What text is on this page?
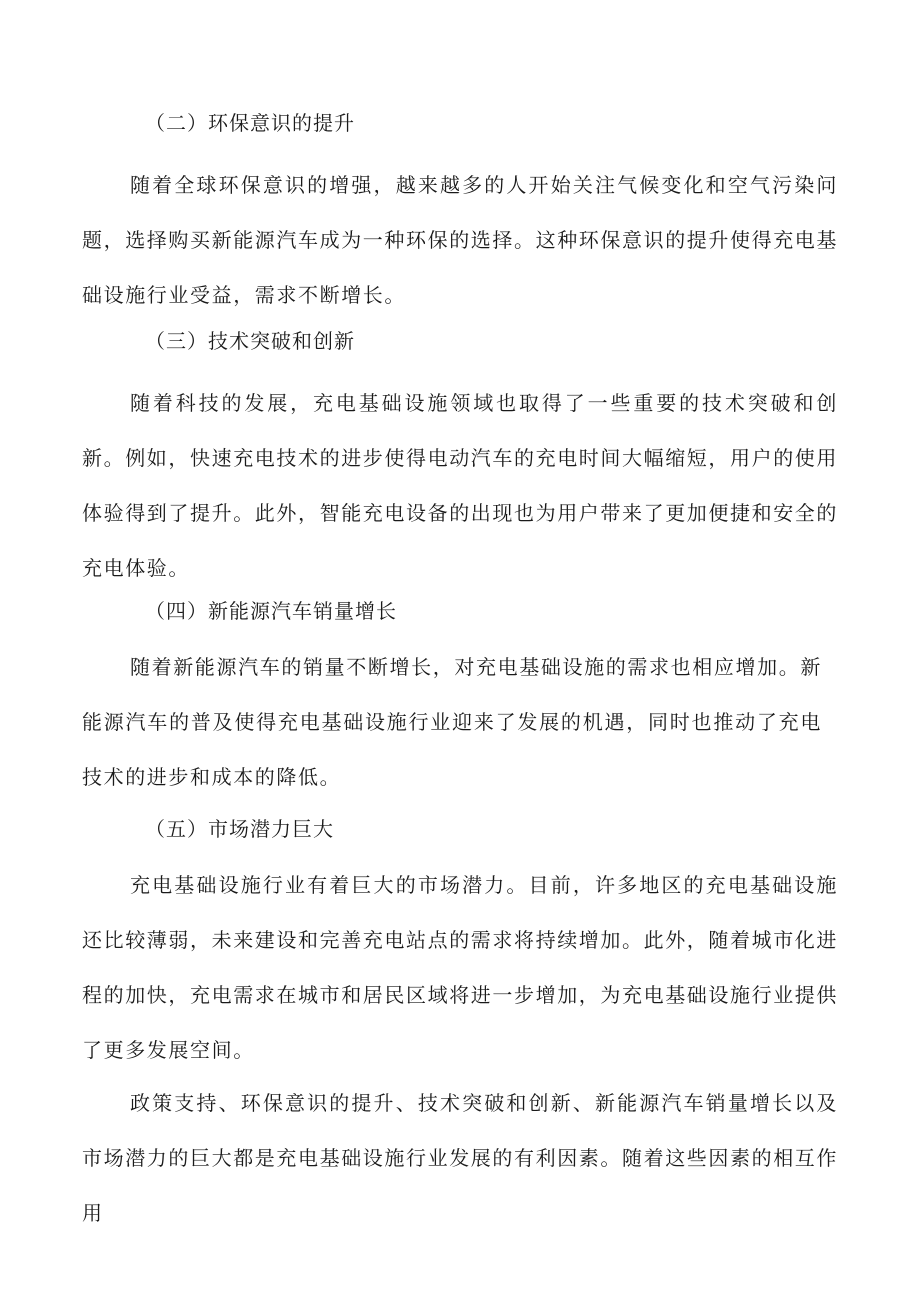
（二）环保意识的提升

随着全球环保意识的增强，越来越多的人开始关注气候变化和空气污染问题，选择购买新能源汽车成为一种环保的选择。这种环保意识的提升使得充电基础设施行业受益，需求不断增长。

（三）技术突破和创新

随着科技的发展，充电基础设施领域也取得了一些重要的技术突破和创新。例如，快速充电技术的进步使得电动汽车的充电时间大幅缩短，用户的使用体验得到了提升。此外，智能充电设备的出现也为用户带来了更加便捷和安全的充电体验。

（四）新能源汽车销量增长

随着新能源汽车的销量不断增长，对充电基础设施的需求也相应增加。新能源汽车的普及使得充电基础设施行业迎来了发展的机遇，同时也推动了充电技术的进步和成本的降低。

（五）市场潜力巨大

充电基础设施行业有着巨大的市场潜力。目前，许多地区的充电基础设施还比较薄弱，未来建设和完善充电站点的需求将持续增加。此外，随着城市化进程的加快，充电需求在城市和居民区域将进一步增加，为充电基础设施行业提供了更多发展空间。

政策支持、环保意识的提升、技术突破和创新、新能源汽车销量增长以及市场潜力的巨大都是充电基础设施行业发展的有利因素。随着这些因素的相互作用
